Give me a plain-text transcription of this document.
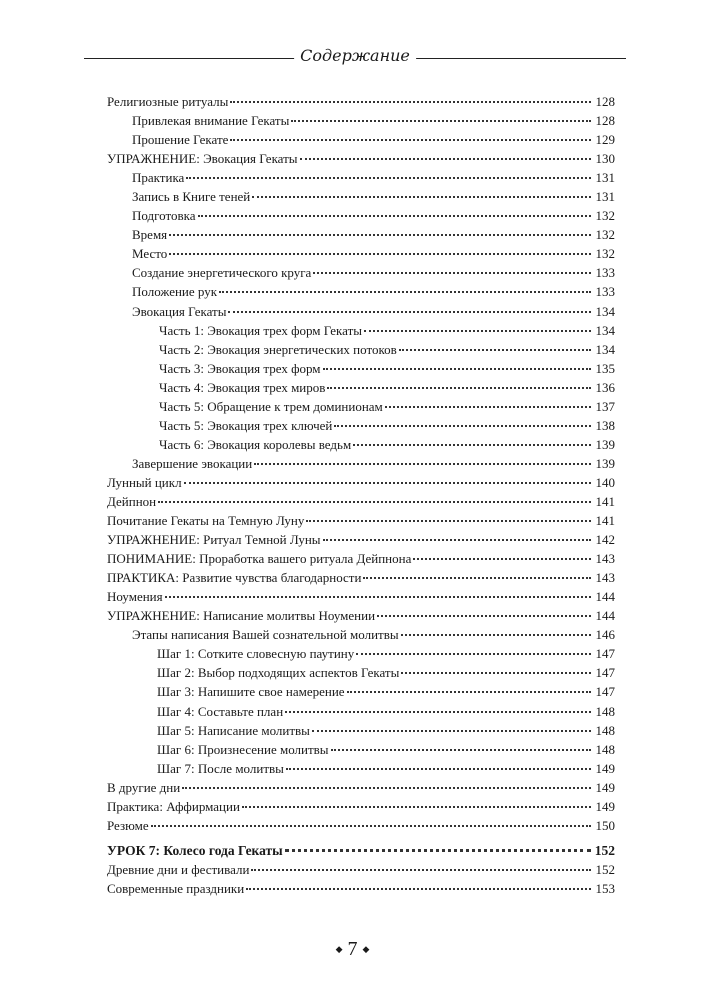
Содержание
Религиозные ритуалы	128
Привлекая внимание Гекаты	128
Прошение Гекате	129
УПРАЖНЕНИЕ: Эвокация Гекаты	130
Практика	131
Запись в Книге теней	131
Подготовка	132
Время	132
Место	132
Создание энергетического круга	133
Положение рук	133
Эвокация Гекаты	134
Часть 1: Эвокация трех форм Гекаты	134
Часть 2: Эвокация энергетических потоков	134
Часть 3: Эвокация трех форм	135
Часть 4: Эвокация трех миров	136
Часть 5: Обращение к трем доминионам	137
Часть 5: Эвокация трех ключей	138
Часть 6: Эвокация королевы ведьм	139
Завершение эвокации	139
Лунный цикл	140
Дейпнон	141
Почитание Гекаты на Темную Луну	141
УПРАЖНЕНИЕ: Ритуал Темной Луны	142
ПОНИМАНИЕ: Проработка вашего ритуала Дейпнона	143
ПРАКТИКА: Развитие чувства благодарности	143
Ноумения	144
УПРАЖНЕНИЕ: Написание молитвы Ноумении	144
Этапы написания Вашей сознательной молитвы	146
Шаг 1: Сотките словесную паутину	147
Шаг 2: Выбор подходящих аспектов Гекаты	147
Шаг 3: Напишите свое намерение	147
Шаг 4: Составьте план	148
Шаг 5: Написание молитвы	148
Шаг 6: Произнесение молитвы	148
Шаг 7: После молитвы	149
В другие дни	149
Практика: Аффирмации	149
Резюме	150
УРОК 7: Колесо года Гекаты	152
Древние дни и фестивали	152
Современные праздники	153
◆ 7 ◆
